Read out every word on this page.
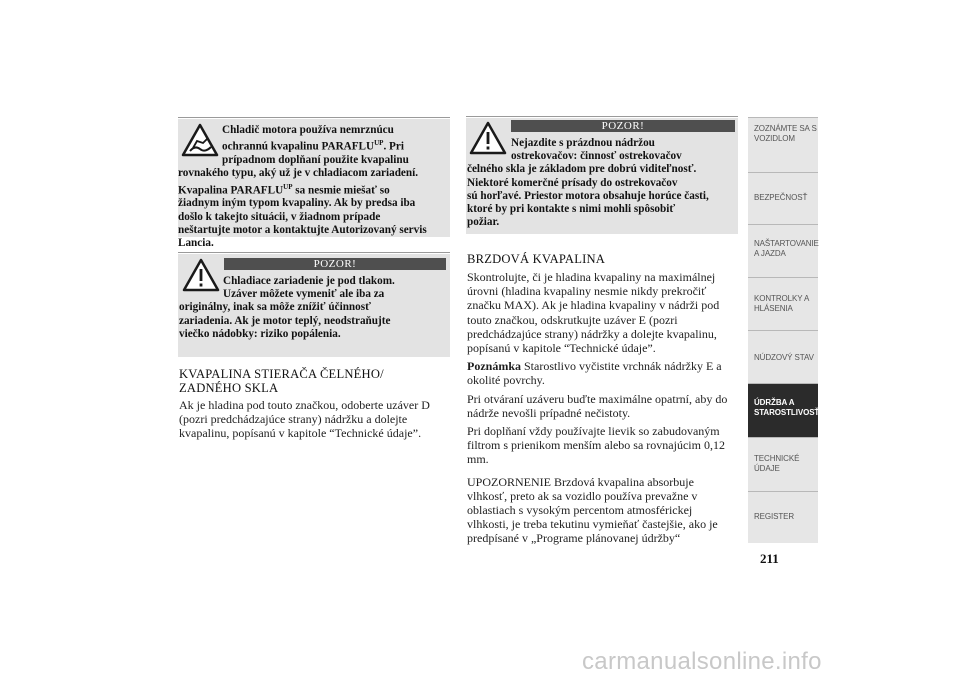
Chladič motora používa nemrznúcu
ochrannú kvapalinu $PARAFLU^{UP}$. Pri
prípadnom doplňaní použite kvapalinu
rovnakého typu, aký už je v chladiacom zariadení.
Kvapalina $PARAFLU^{UP}$ sa nesmie miešať so
žiadnym iným typom kvapaliny. Ak by predsa iba
došlo k takejto situácii, v žiadnom prípade
neštartujte motor a kontaktujte Autorizovaný servis
Lancia.
POZOR!
Chladiace zariadenie je pod tlakom.
Uzáver môžete vymeniť ale iba za
originálny, inak sa môže znížiť účinnosť
zariadenia. Ak je motor teplý, neodstraňujte
viečko nádobky: riziko popálenia.
KVAPALINA STIERAČA ČELNÉHO/
ZADNÉHO SKLA
Ak je hladina pod touto značkou, odoberte uzáver D
(pozri predchádzajúce strany) nádržku a dolejte
kvapalinu, popísanú v kapitole “Technické údaje”.
POZOR!
Nejazdite s prázdnou nádržou
ostrekovačov: činnosť ostrekovačov
čelného skla je základom pre dobrú viditeľnosť.
Niektoré komerčné prísady do ostrekovačov
sú horľavé. Priestor motora obsahuje horúce časti,
ktoré by pri kontakte s nimi mohli spôsobiť
požiar.
BRZDOVÁ KVAPALINA
Skontrolujte, či je hladina kvapaliny na maximálnej
úrovni (hladina kvapaliny nesmie nikdy prekročiť
značku MAX). Ak je hladina kvapaliny v nádrži pod
touto značkou, odskrutkujte uzáver E (pozri
predchádzajúce strany) nádržky a dolejte kvapalinu,
popísanú v kapitole “Technické údaje”.
Poznámka Starostlivo vyčistite vrchnák nádržky E a
okolité povrchy.
Pri otváraní uzáveru buďte maximálne opatrní, aby do
nádrže nevošli prípadné nečistoty.
Pri doplňaní vždy používajte lievik so zabudovaným
filtrom s prienikom menším alebo sa rovnajúcim 0,12
mm.
UPOZORNENIE Brzdová kvapalina absorbuje
vlhkosť, preto ak sa vozidlo používa prevažne v
oblastiach s vysokým percentom atmosférickej
vlhkosti, je treba tekutinu vymieňať častejšie, ako je
predpísané v „Programe plánovanej údržby“
ZOZNÁMTE SA S
VOZIDLOM
BEZPEČNOSŤ
NAŠTARTOVANIE
A JAZDA
KONTROLKY A
HLÁSENIA
NÚDZOVÝ STAV
ÚDRŽBA A
STAROSTLIVOSŤ
TECHNICKÉ
ÚDAJE
REGISTER
211
carmanualsonline.info
